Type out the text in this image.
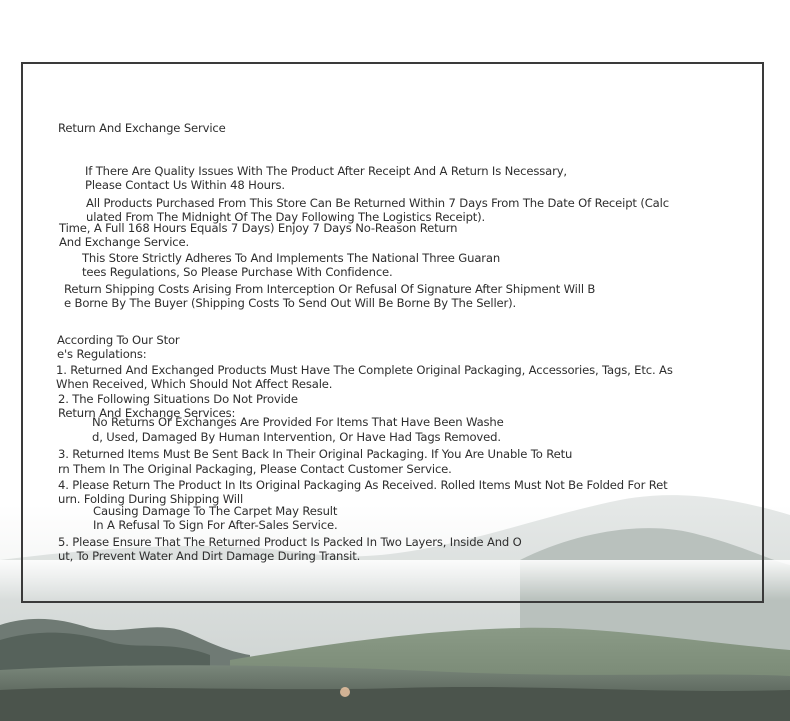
Return And Exchange Service
If There Are Quality Issues With The Product After Receipt And A Return Is Necessary,
Please Contact Us Within 48 Hours.
All Products Purchased From This Store Can Be Returned Within 7 Days From The Date Of Receipt (Calc
ulated From The Midnight Of The Day Following The Logistics Receipt).
Time, A Full 168 Hours Equals 7 Days) Enjoy 7 Days No-Reason Return
And Exchange Service.
This Store Strictly Adheres To And Implements The National Three Guaran
tees Regulations, So Please Purchase With Confidence.
Return Shipping Costs Arising From Interception Or Refusal Of Signature After Shipment Will B
e Borne By The Buyer (Shipping Costs To Send Out Will Be Borne By The Seller).
According To Our Stor
e's Regulations:
1. Returned And Exchanged Products Must Have The Complete Original Packaging, Accessories, Tags, Etc. As
When Received, Which Should Not Affect Resale.
2. The Following Situations Do Not Provide
Return And Exchange Services:
No Returns Or Exchanges Are Provided For Items That Have Been Washe
d, Used, Damaged By Human Intervention, Or Have Had Tags Removed.
3. Returned Items Must Be Sent Back In Their Original Packaging. If You Are Unable To Retu
rn Them In The Original Packaging, Please Contact Customer Service.
4. Please Return The Product In Its Original Packaging As Received. Rolled Items Must Not Be Folded For Ret
urn. Folding During Shipping Will
Causing Damage To The Carpet May Result
In A Refusal To Sign For After-Sales Service.
5. Please Ensure That The Returned Product Is Packed In Two Layers, Inside And O
ut, To Prevent Water And Dirt Damage During Transit.
